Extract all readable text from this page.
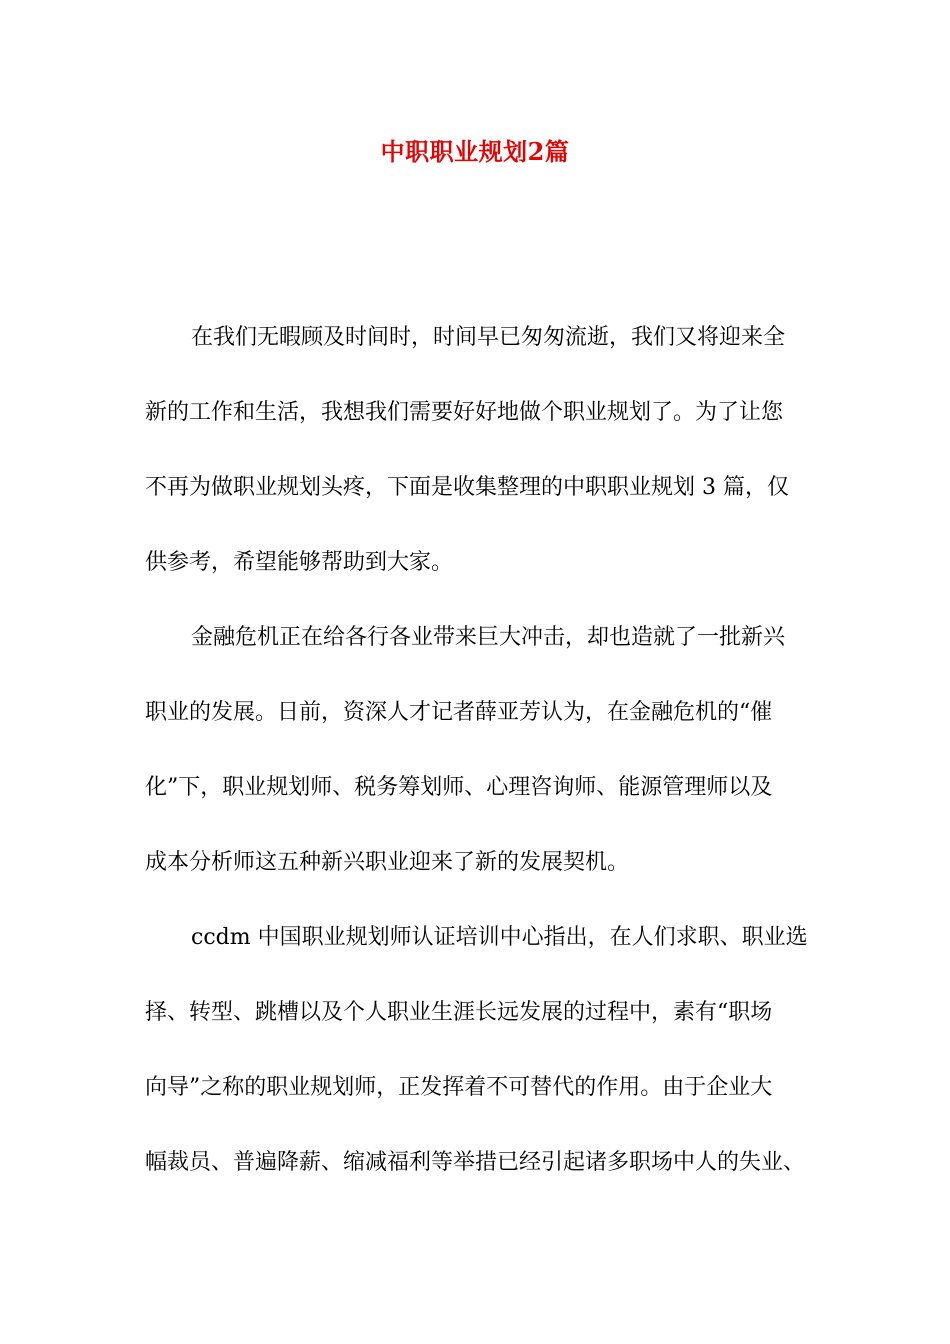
中职职业规划2篇

在我们无暇顾及时间时，时间早已匆匆流逝，我们又将迎来全

新的工作和生活，我想我们需要好好地做个职业规划了。为了让您

不再为做职业规划头疼，下面是收集整理的中职职业规划 3 篇，仅

供参考，希望能够帮助到大家。

金融危机正在给各行各业带来巨大冲击，却也造就了一批新兴

职业的发展。日前，资深人才记者薛亚芳认为，在金融危机的“催

化”下，职业规划师、税务筹划师、心理咨询师、能源管理师以及

成本分析师这五种新兴职业迎来了新的发展契机。

ccdm 中国职业规划师认证培训中心指出，在人们求职、职业选

择、转型、跳槽以及个人职业生涯长远发展的过程中，素有“职场

向导”之称的职业规划师，正发挥着不可替代的作用。由于企业大

幅裁员、普遍降薪、缩减福利等举措已经引起诸多职场中人的失业、
